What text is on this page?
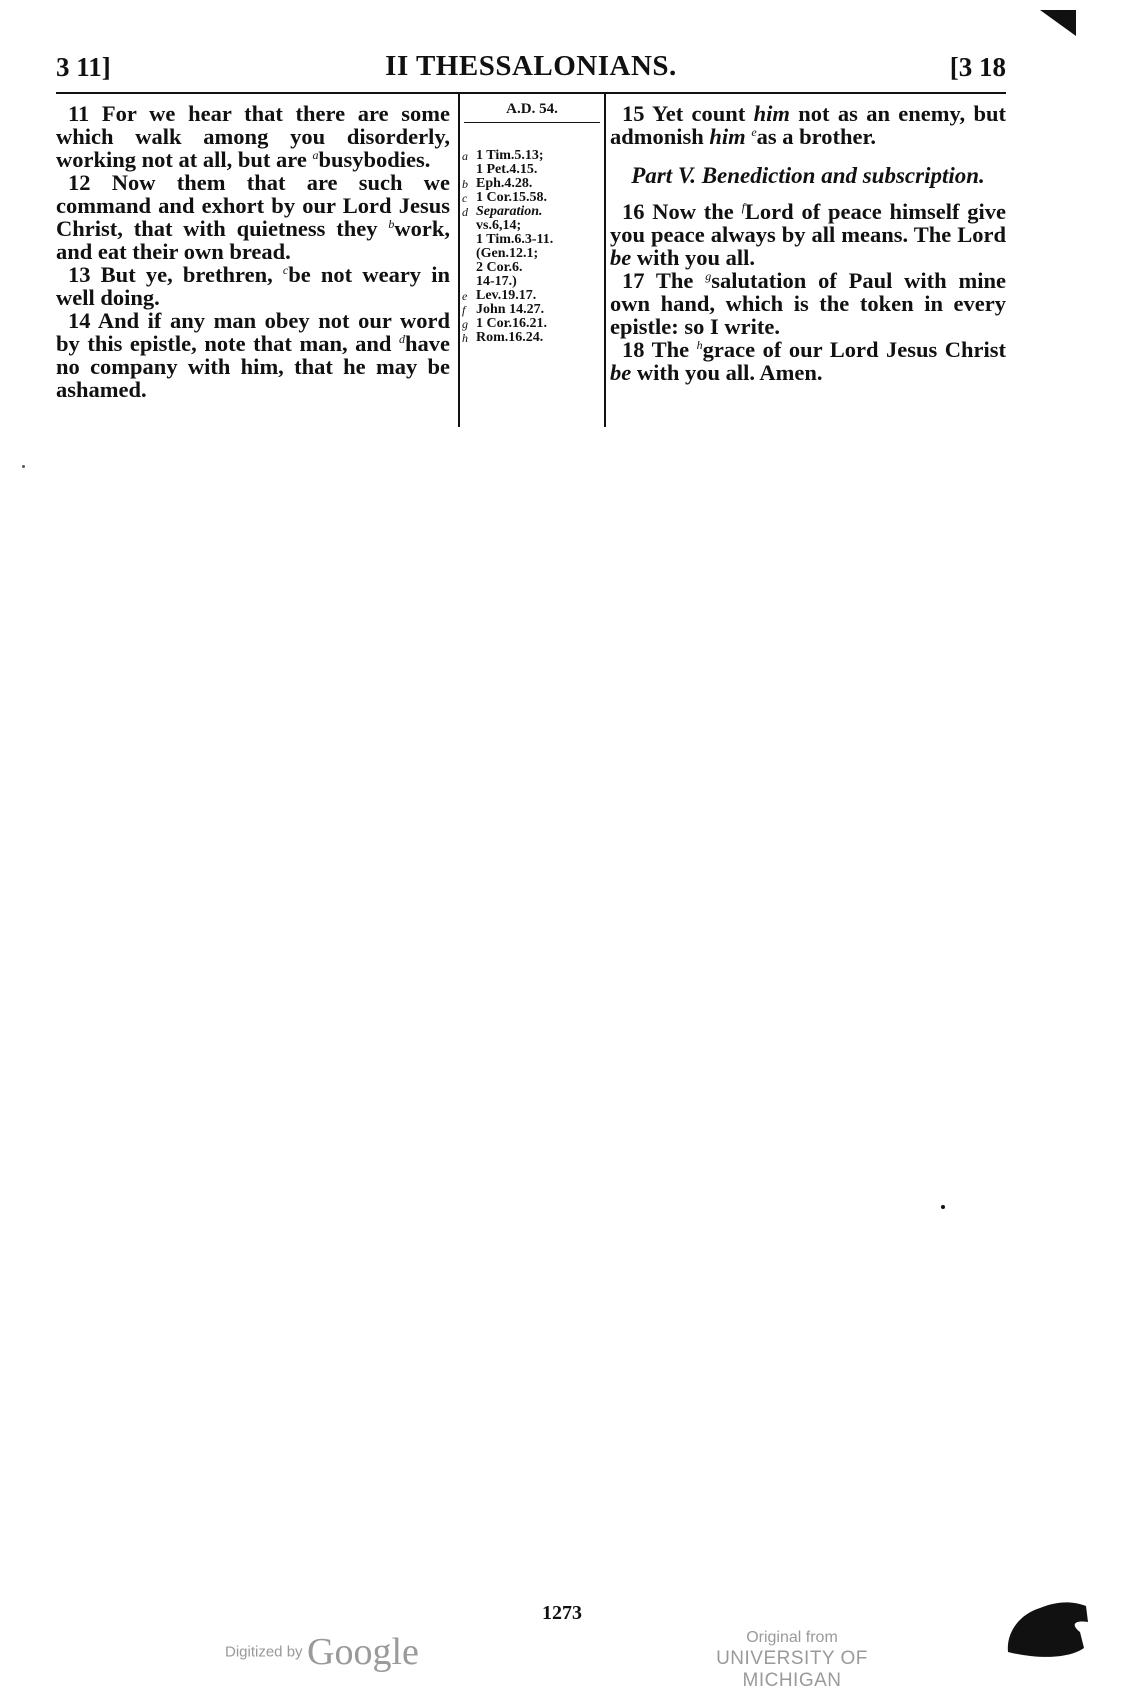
3 11]	II THESSALONIANS.	[3 18

11 For we hear that there are some which walk among you disorderly, working not at all, but are $^a$busybodies.

12 Now them that are such we command and exhort by our Lord Jesus Christ, that with quietness they $^b$work, and eat their own bread.

13 But ye, brethren, $^c$be not weary in well doing.

14 And if any man obey not our word by this epistle, note that man, and $^d$have no company with him, that he may be ashamed.

A.D. 54.
a 1 Tim.5.13;
1 Pet.4.15.
b Eph.4.28.
c 1 Cor.15.58.
d Separation.
vs.6,14;
1 Tim.6.3-11.
(Gen.12.1;
2 Cor.6.
14-17.)
e Lev.19.17.
f John 14.27.
g 1 Cor.16.21.
h Rom.16.24.

15 Yet count him not as an enemy, but admonish him $^e$as a brother.

Part V. Benediction and subscription.

16 Now the $^f$Lord of peace himself give you peace always by all means. The Lord be with you all.

17 The $^g$salutation of Paul with mine own hand, which is the token in every epistle: so I write.

18 The $^h$grace of our Lord Jesus Christ be with you all. Amen.

1273
Digitized by Google	Original from
UNIVERSITY OF MICHIGAN
